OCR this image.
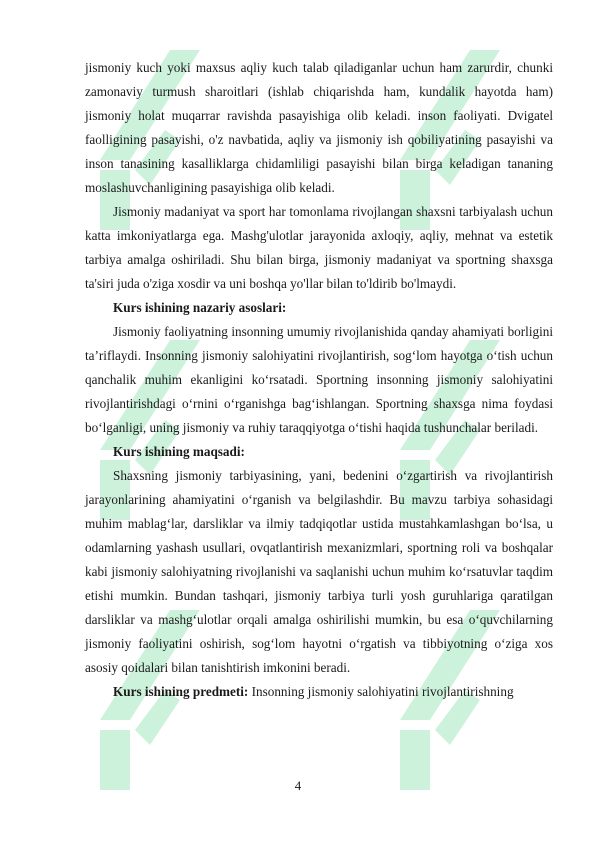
jismoniy kuch yoki maxsus aqliy kuch talab qiladiganlar uchun ham zarurdir, chunki zamonaviy turmush sharoitlari (ishlab chiqarishda ham, kundalik hayotda ham) jismoniy holat muqarrar ravishda pasayishiga olib keladi. inson faoliyati. Dvigatel faolligining pasayishi, o'z navbatida, aqliy va jismoniy ish qobiliyatining pasayishi va inson tanasining kasalliklarga chidamliligi pasayishi bilan birga keladigan tananing moslashuvchanligining pasayishiga olib keladi.

Jismoniy madaniyat va sport har tomonlama rivojlangan shaxsni tarbiyalash uchun katta imkoniyatlarga ega. Mashg'ulotlar jarayonida axloqiy, aqliy, mehnat va estetik tarbiya amalga oshiriladi. Shu bilan birga, jismoniy madaniyat va sportning shaxsga ta'siri juda o'ziga xosdir va uni boshqa yo'llar bilan to'ldirib bo'lmaydi.

Kurs ishining nazariy asoslari:

Jismoniy faoliyatning insonning umumiy rivojlanishida qanday ahamiyati borligini ta’riflaydi. Insonning jismoniy salohiyatini rivojlantirish, sog‘lom hayotga o‘tish uchun qanchalik muhim ekanligini ko‘rsatadi. Sportning insonning jismoniy salohiyatini rivojlantirishdagi o‘rnini o‘rganishga bag‘ishlangan. Sportning shaxsga nima foydasi bo‘lganligi, uning jismoniy va ruhiy taraqqiyotga o‘tishi haqida tushunchalar beriladi.

Kurs ishining maqsadi:

Shaxsning jismoniy tarbiyasining, yani, bedenini o‘zgartirish va rivojlantirish jarayonlarining ahamiyatini o‘rganish va belgilashdir. Bu mavzu tarbiya sohasidagi muhim mablag‘lar, darsliklar va ilmiy tadqiqotlar ustida mustahkamlashgan bo‘lsa, u odamlarning yashash usullari, ovqatlantirish mexanizmlari, sportning roli va boshqalar kabi jismoniy salohiyatning rivojlanishi va saqlanishi uchun muhim ko‘rsatuvlar taqdim etishi mumkin. Bundan tashqari, jismoniy tarbiya turli yosh guruhlariga qaratilgan darsliklar va mashg‘ulotlar orqali amalga oshirilishi mumkin, bu esa o‘quvchilarning jismoniy faoliyatini oshirish, sog‘lom hayotni o‘rgatish va tibbiyotning o‘ziga xos asosiy qoidalari bilan tanishtirish imkonini beradi.

Kurs ishining predmeti: Insonning jismoniy salohiyatini rivojlantirishning

4
